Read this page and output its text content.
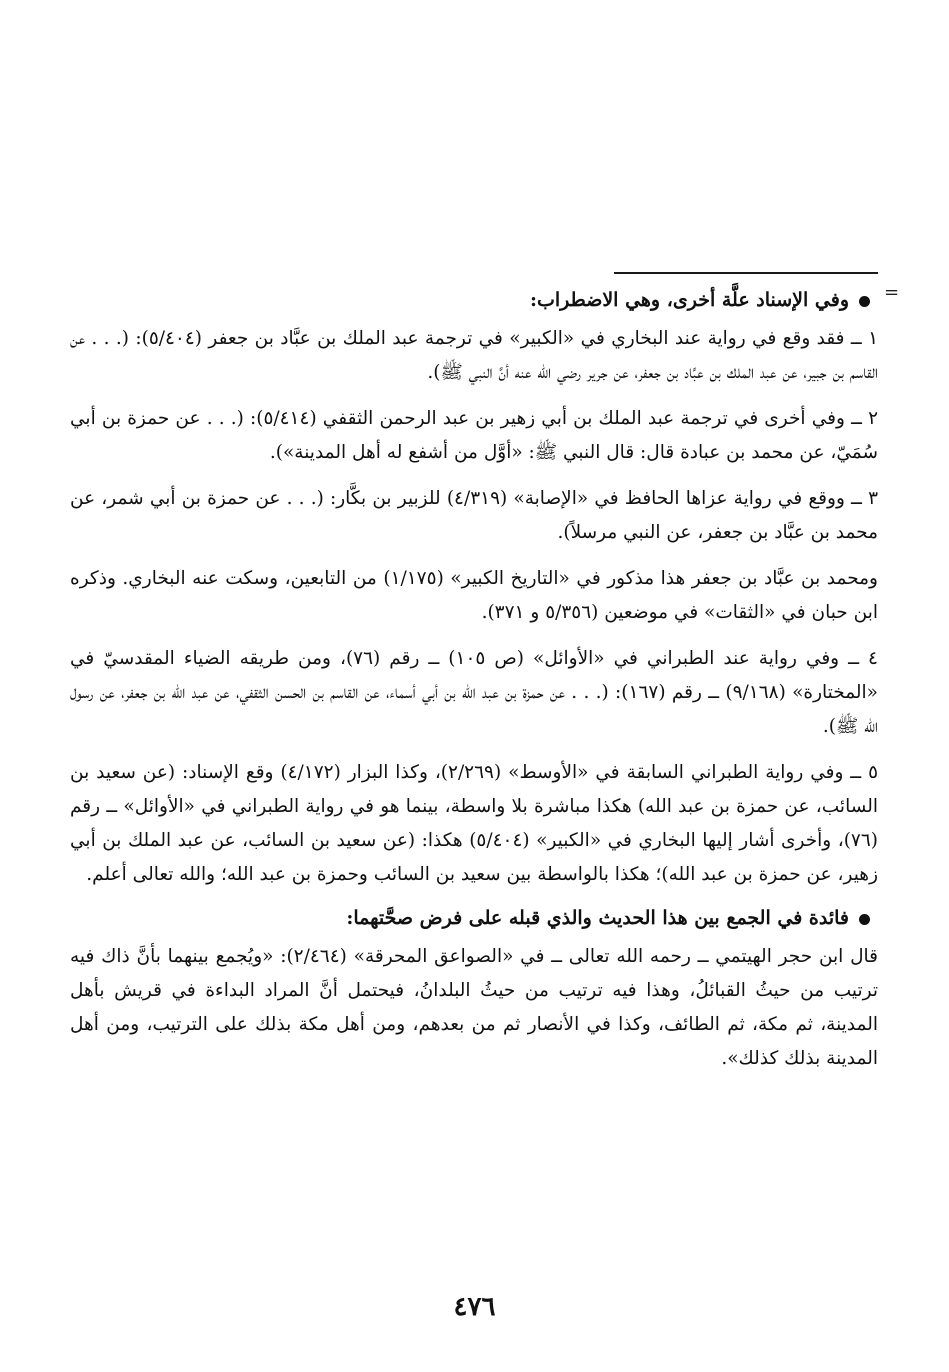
=
وفي الإسناد علَّة أخرى، وهي الاضطراب:

١ ــ فقد وقع في رواية عند البخاري في «الكبير» في ترجمة عبد الملك بن عبَّاد بن جعفر (٥/٤٠٤): (. . . عن القاسم بن جبير، عن عبد الملك بن عبَّاد بن جعفر، عن جرير رضي الله عنه أنَّ النبي ﷺ).

٢ ــ وفي أخرى في ترجمة عبد الملك بن أبي زهير بن عبد الرحمن الثقفي (٥/٤١٤): (. . . عن حمزة بن أبي سُمَيّ، عن محمد بن عبادة قال: قال النبي ﷺ: «أوَّل من أشفع له أهل المدينة»).

٣ ــ ووقع في رواية عزاها الحافظ في «الإصابة» (٤/٣١٩) للزبير بن بكَّار: (. . . عن حمزة بن أبي شمر، عن محمد بن عبَّاد بن جعفر، عن النبي مرسلاً).

ومحمد بن عبَّاد بن جعفر هذا مذكور في «التاريخ الكبير» (١/١٧٥) من التابعين، وسكت عنه البخاري. وذكره ابن حبان في «الثقات» في موضعين (٥/٣٥٦ و ٣٧١).

٤ ــ وفي رواية عند الطبراني في «الأوائل» (ص ١٠٥) ــ رقم (٧٦)، ومن طريقه الضياء المقدسيّ في «المختارة» (٩/١٦٨) ــ رقم (١٦٧): (. . . عن حمزة بن عبد الله بن أبي أسماء، عن القاسم بن الحسن الثقفي، عن عبد الله بن جعفر، عن رسول الله ﷺ).

٥ ــ وفي رواية الطبراني السابقة في «الأوسط» (٢/٢٦٩)، وكذا البزار (٤/١٧٢) وقع الإسناد: (عن سعيد بن السائب، عن حمزة بن عبد الله) هكذا مباشرة بلا واسطة، بينما هو في رواية الطبراني في «الأوائل» ــ رقم (٧٦)، وأخرى أشار إليها البخاري في «الكبير» (٥/٤٠٤) هكذا: (عن سعيد بن السائب، عن عبد الملك بن أبي زهير، عن حمزة بن عبد الله)؛ هكذا بالواسطة بين سعيد بن السائب وحمزة بن عبد الله؛ والله تعالى أعلم.

فائدة في الجمع بين هذا الحديث والذي قبله على فرض صحَّتهما:

قال ابن حجر الهيتمي ــ رحمه الله تعالى ــ في «الصواعق المحرقة» (٢/٤٦٤): «ويُجمع بينهما بأنَّ ذاك فيه ترتيب من حيثُ القبائلُ، وهذا فيه ترتيب من حيثُ البلدانُ، فيحتمل أنَّ المراد البداءة في قريش بأهل المدينة، ثم مكة، ثم الطائف، وكذا في الأنصار ثم من بعدهم، ومن أهل مكة بذلك على الترتيب، ومن أهل المدينة بذلك كذلك».

٤٧٦
